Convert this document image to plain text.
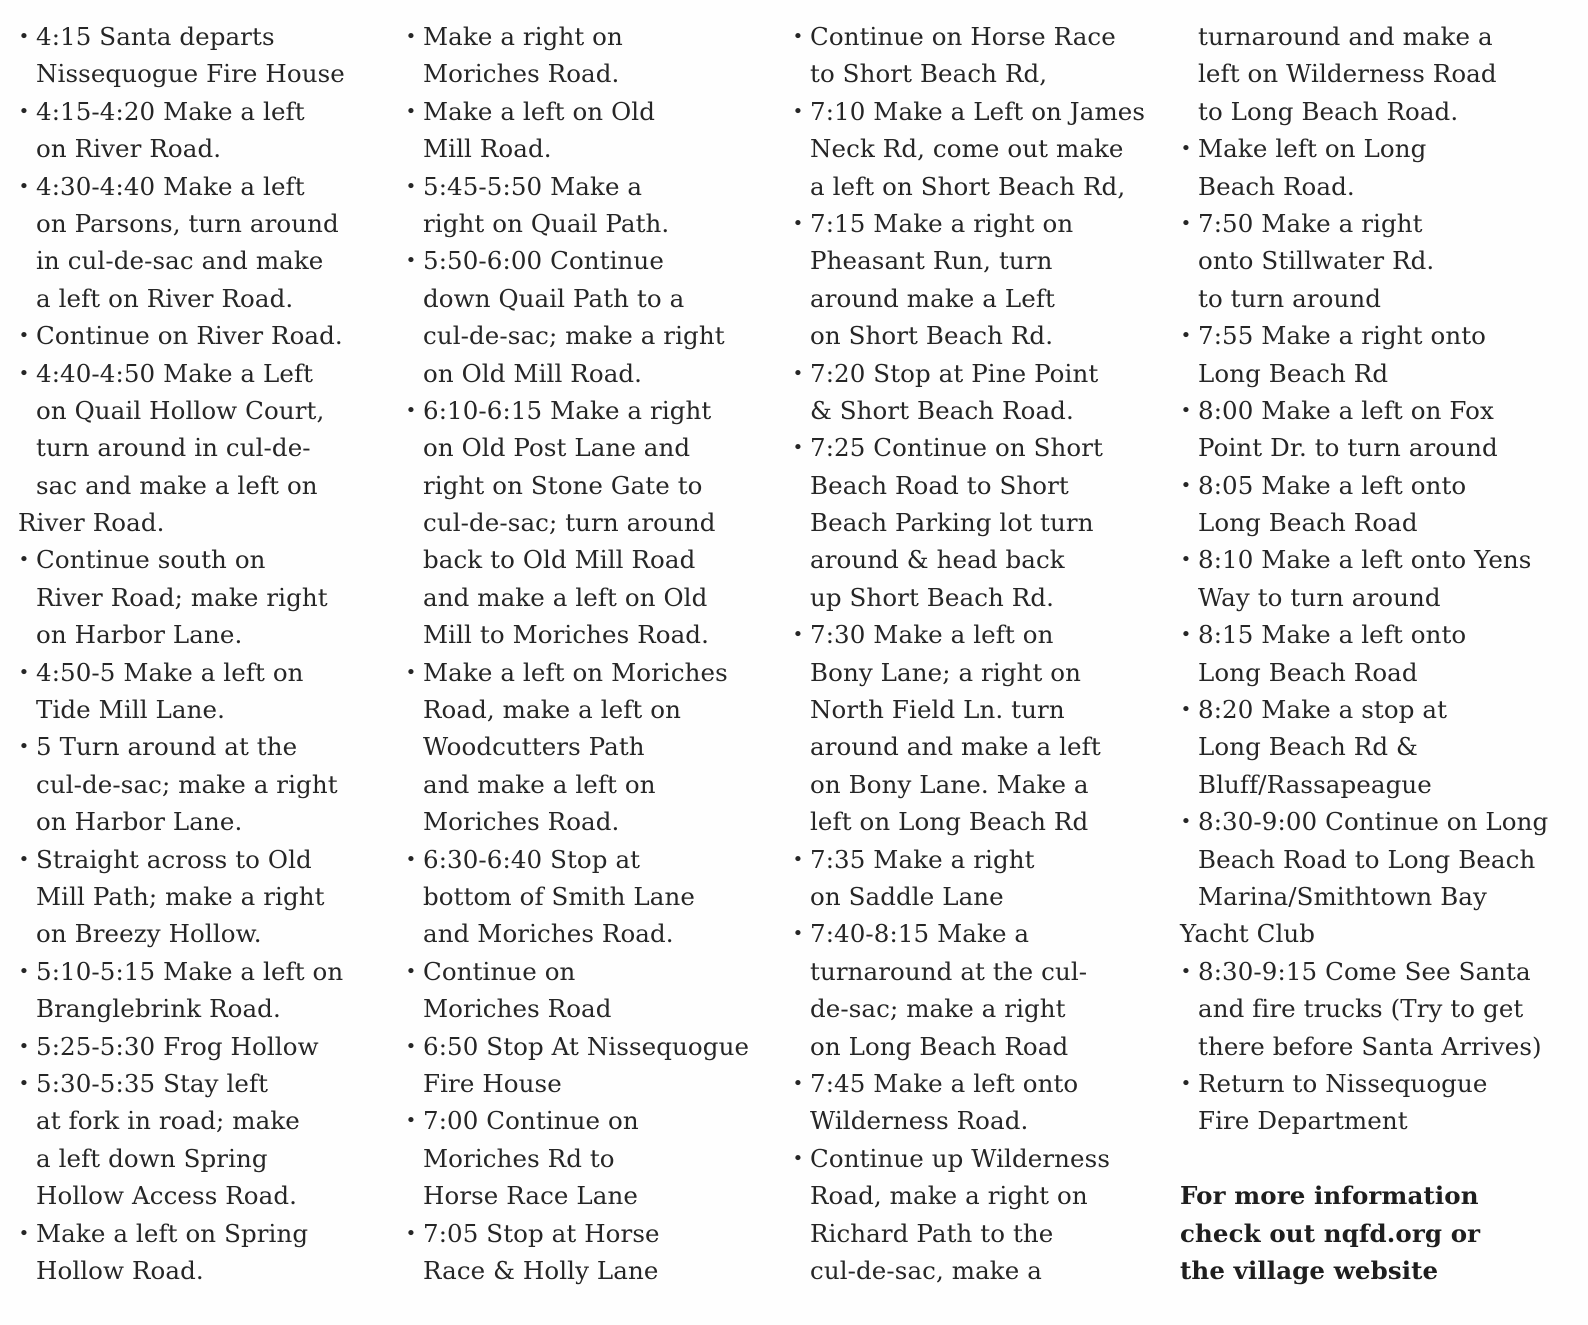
• 4:15 Santa departs
Nissequogue Fire House
• 4:15-4:20 Make a left
on River Road.
• 4:30-4:40 Make a left
on Parsons, turn around
in cul-de-sac and make
a left on River Road.
• Continue on River Road.
• 4:40-4:50 Make a Left
on Quail Hollow Court,
turn around in cul-de-
sac and make a left on
River Road.
• Continue south on
River Road; make right
on Harbor Lane.
• 4:50-5 Make a left on
Tide Mill Lane.
• 5 Turn around at the
cul-de-sac; make a right
on Harbor Lane.
• Straight across to Old
Mill Path; make a right
on Breezy Hollow.
• 5:10-5:15 Make a left on
Branglebrink Road.
• 5:25-5:30 Frog Hollow
• 5:30-5:35 Stay left
at fork in road; make
a left down Spring
Hollow Access Road.
• Make a left on Spring
Hollow Road.
• Make a right on
Moriches Road.
• Make a left on Old
Mill Road.
• 5:45-5:50 Make a
right on Quail Path.
• 5:50-6:00 Continue
down Quail Path to a
cul-de-sac; make a right
on Old Mill Road.
• 6:10-6:15 Make a right
on Old Post Lane and
right on Stone Gate to
cul-de-sac; turn around
back to Old Mill Road
and make a left on Old
Mill to Moriches Road.
• Make a left on Moriches
Road, make a left on
Woodcutters Path
and make a left on
Moriches Road.
• 6:30-6:40 Stop at
bottom of Smith Lane
and Moriches Road.
• Continue on
Moriches Road
• 6:50 Stop At Nissequogue
Fire House
• 7:00 Continue on
Moriches Rd to
Horse Race Lane
• 7:05 Stop at Horse
Race & Holly Lane
• Continue on Horse Race
to Short Beach Rd,
• 7:10 Make a Left on James
Neck Rd, come out make
a left on Short Beach Rd,
• 7:15 Make a right on
Pheasant Run, turn
around make a Left
on Short Beach Rd.
• 7:20 Stop at Pine Point
& Short Beach Road.
• 7:25 Continue on Short
Beach Road to Short
Beach Parking lot turn
around & head back
up Short Beach Rd.
• 7:30 Make a left on
Bony Lane; a right on
North Field Ln. turn
around and make a left
on Bony Lane. Make a
left on Long Beach Rd
• 7:35 Make a right
on Saddle Lane
• 7:40-8:15 Make a
turnaround at the cul-
de-sac; make a right
on Long Beach Road
• 7:45 Make a left onto
Wilderness Road.
• Continue up Wilderness
Road, make a right on
Richard Path to the
cul-de-sac, make a
turnaround and make a
left on Wilderness Road
to Long Beach Road.
• Make left on Long
Beach Road.
• 7:50 Make a right
onto Stillwater Rd.
to turn around
• 7:55 Make a right onto
Long Beach Rd
• 8:00 Make a left on Fox
Point Dr. to turn around
• 8:05 Make a left onto
Long Beach Road
• 8:10 Make a left onto Yens
Way to turn around
• 8:15 Make a left onto
Long Beach Road
• 8:20 Make a stop at
Long Beach Rd &
Bluff/Rassapeague
• 8:30-9:00 Continue on Long
Beach Road to Long Beach
Marina/Smithtown Bay
Yacht Club
• 8:30-9:15 Come See Santa
and fire trucks (Try to get
there before Santa Arrives)
• Return to Nissequogue
Fire Department
For more information
check out nqfd.org or
the village website
